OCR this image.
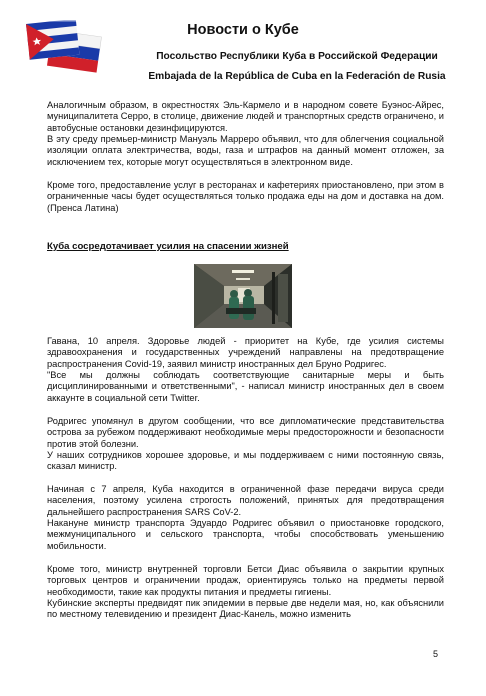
Новости о Кубе
Посольство Республики Куба в Российской Федерации
Embajada de la República de Cuba en la Federación de Rusia

Аналогичным образом, в окрестностях Эль-Кармело и в народном совете Буэнос-Айрес, муниципалитета Серро, в столице, движение людей и транспортных средств ограничено, и автобусные остановки дезинфицируются.

В эту среду премьер-министр Мануэль Марреро объявил, что для облегчения социальной изоляции оплата электричества, воды, газа и штрафов на данный момент отложен, за исключением тех, которые могут осуществляться в электронном виде.

Кроме того, предоставление услуг в ресторанах и кафетериях приостановлено, при этом в ограниченные часы будет осуществляться только продажа еды на дом и доставка на дом. (Пренса Латина)

Куба сосредотачивает усилия на спасении жизней

Гавана, 10 апреля. Здоровье людей - приоритет на Кубе, где усилия системы здравоохранения и государственных учреждений направлены на предотвращение распространения Covid-19, заявил министр иностранных дел Бруно Родригес.

"Все мы должны соблюдать соответствующие санитарные меры и быть дисциплинированными и ответственными", - написал министр иностранных дел в своем аккаунте в социальной сети Twitter.

Родригес упомянул в другом сообщении, что все дипломатические представительства острова за рубежом поддерживают необходимые меры предосторожности и безопасности против этой болезни.

У наших сотрудников хорошее здоровье, и мы поддерживаем с ними постоянную связь, сказал министр.

Начиная с 7 апреля, Куба находится в ограниченной фазе передачи вируса среди населения, поэтому усилена строгость положений, принятых для предотвращения дальнейшего распространения SARS CoV-2.

Накануне министр транспорта Эдуардо Родригес объявил о приостановке городского, межмуниципального и сельского транспорта, чтобы способствовать уменьшению мобильности.

Кроме того, министр внутренней торговли Бетси Диас объявила о закрытии крупных торговых центров и ограничении продаж, ориентируясь только на предметы первой необходимости, такие как продукты питания и предметы гигиены.

Кубинские эксперты предвидят пик эпидемии в первые две недели мая, но, как объяснили по местному телевидению и президент Диас-Канель, можно изменить

5
